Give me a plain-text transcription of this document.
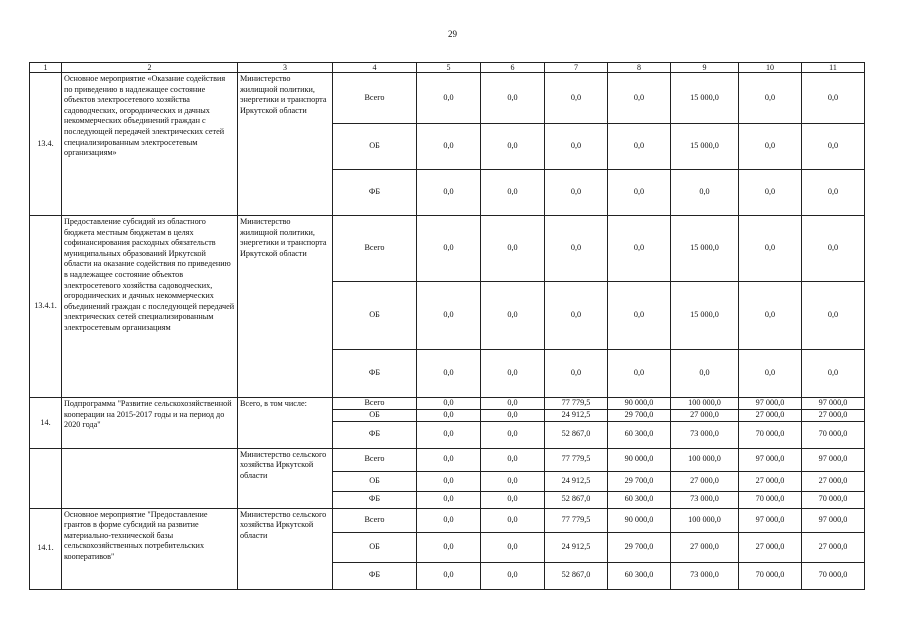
29
1	2	3	4	5	6	7	8	9	10	11
13.4.	Основное мероприятие «Оказание содействия по приведению в надлежащее состояние объектов электросетевого хозяйства садоводческих, огороднических и дачных некоммерческих объединений граждан с последующей передачей электрических сетей специализированным электросетевым организациям»	Министерство жилищной политики, энергетики и транспорта Иркутской области	Всего	0,0	0,0	0,0	0,0	15 000,0	0,0	0,0
			ОБ	0,0	0,0	0,0	0,0	15 000,0	0,0	0,0
			ФБ	0,0	0,0	0,0	0,0	0,0	0,0	0,0
13.4.1.	Предоставление субсидий из областного бюджета местным бюджетам в целях софинансирования расходных обязательств муниципальных образований Иркутской области на оказание содействия по приведению в надлежащее состояние объектов электросетевого хозяйства садоводческих, огороднических и дачных некоммерческих объединений граждан с последующей передачей электрических сетей специализированным электросетевым организациям	Министерство жилищной политики, энергетики и транспорта Иркутской области	Всего	0,0	0,0	0,0	0,0	15 000,0	0,0	0,0
			ОБ	0,0	0,0	0,0	0,0	15 000,0	0,0	0,0
			ФБ	0,0	0,0	0,0	0,0	0,0	0,0	0,0
14.	Подпрограмма "Развитие сельскохозяйственной кооперации на 2015-2017 годы и на период до 2020 года"	Всего, в том числе:	Всего	0,0	0,0	77 779,5	90 000,0	100 000,0	97 000,0	97 000,0
			ОБ	0,0	0,0	24 912,5	29 700,0	27 000,0	27 000,0	27 000,0
			ФБ	0,0	0,0	52 867,0	60 300,0	73 000,0	70 000,0	70 000,0

		Министерство сельского хозяйства Иркутской области	Всего	0,0	0,0	77 779,5	90 000,0	100 000,0	97 000,0	97 000,0
			ОБ	0,0	0,0	24 912,5	29 700,0	27 000,0	27 000,0	27 000,0
			ФБ	0,0	0,0	52 867,0	60 300,0	73 000,0	70 000,0	70 000,0
14.1.	Основное мероприятие "Предоставление грантов в форме субсидий на развитие материально-технической базы сельскохозяйственных потребительских кооперативов"	Министерство сельского хозяйства Иркутской области	Всего	0,0	0,0	77 779,5	90 000,0	100 000,0	97 000,0	97 000,0
			ОБ	0,0	0,0	24 912,5	29 700,0	27 000,0	27 000,0	27 000,0
			ФБ	0,0	0,0	52 867,0	60 300,0	73 000,0	70 000,0	70 000,0
